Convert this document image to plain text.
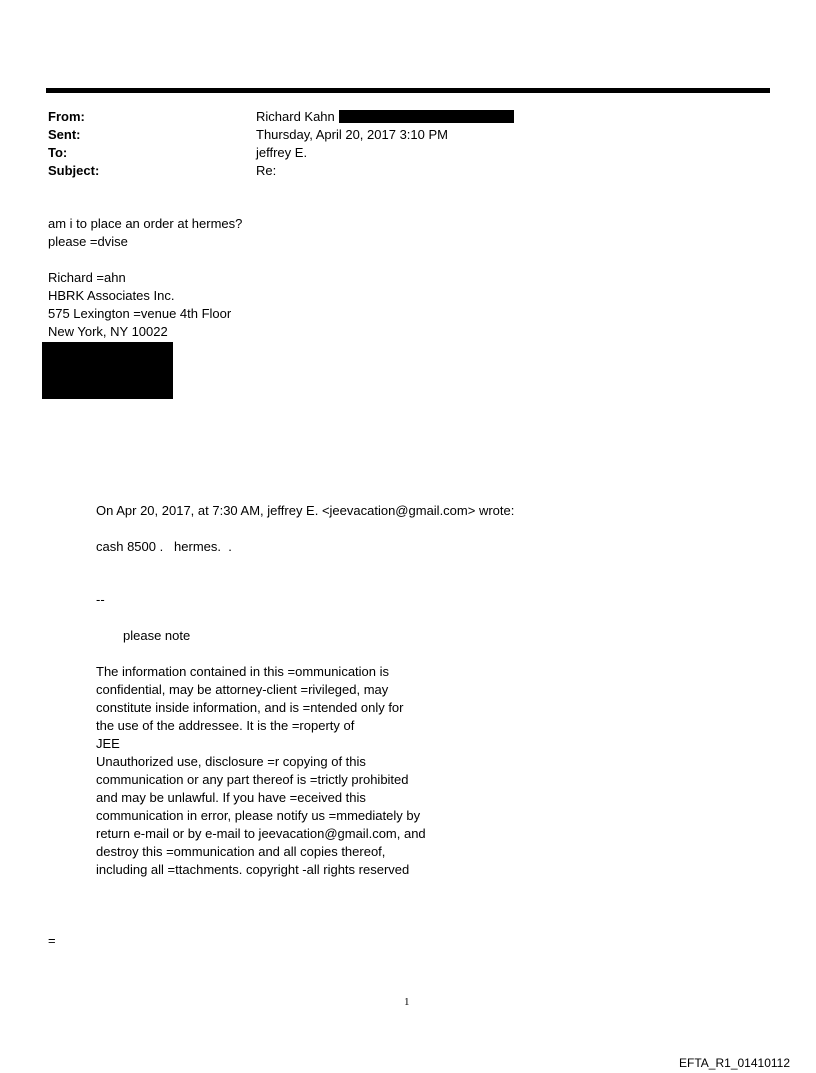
From:	Richard Kahn
Sent:	Thursday, April 20, 2017 3:10 PM
To:	jeffrey E.
Subject:	Re:
am i to place an order at hermes?
please =dvise
Richard =ahn
HBRK Associates Inc.
575 Lexington =venue 4th Floor
New York, NY 10022
On Apr 20, 2017, at 7:30 AM, jeffrey E. <jeevacation@gmail.com> wrote:
cash 8500 .   hermes.  .
--
please note
The information contained in this =ommunication is
confidential, may be attorney-client =rivileged, may
constitute inside information, and is =ntended only for
the use of the addressee. It is the =roperty of
JEE
Unauthorized use, disclosure =r copying of this
communication or any part thereof is =trictly prohibited
and may be unlawful. If you have =eceived this
communication in error, please notify us =mmediately by
return e-mail or by e-mail to jeevacation@gmail.com, and
destroy this =ommunication and all copies thereof,
including all =ttachments. copyright -all rights reserved
=
1
EFTA_R1_01410112
